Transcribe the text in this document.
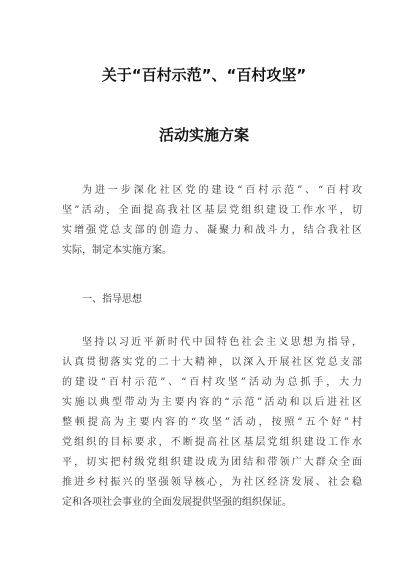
关于“百村示范”、“百村攻坚”
活动实施方案
为进一步深化社区党的建设“百村示范”、“百村攻
坚”活动，全面提高我社区基层党组织建设工作水平，切
实增强党总支部的创造力、凝聚力和战斗力，结合我社区
实际，制定本实施方案。
一、指导思想
坚持以习近平新时代中国特色社会主义思想为指导，
认真贯彻落实党的二十大精神，以深入开展社区党总支部
的建设“百村示范”、“百村攻坚”活动为总抓手，大力
实施以典型带动为主要内容的“示范”活动和以后进社区
整顿提高为主要内容的“攻坚”活动，按照“五个好”村
党组织的目标要求，不断提高社区基层党组织建设工作水
平，切实把村级党组织建设成为团结和带领广大群众全面
推进乡村振兴的坚强领导核心，为社区经济发展、社会稳
定和各项社会事业的全面发展提供坚强的组织保证。
